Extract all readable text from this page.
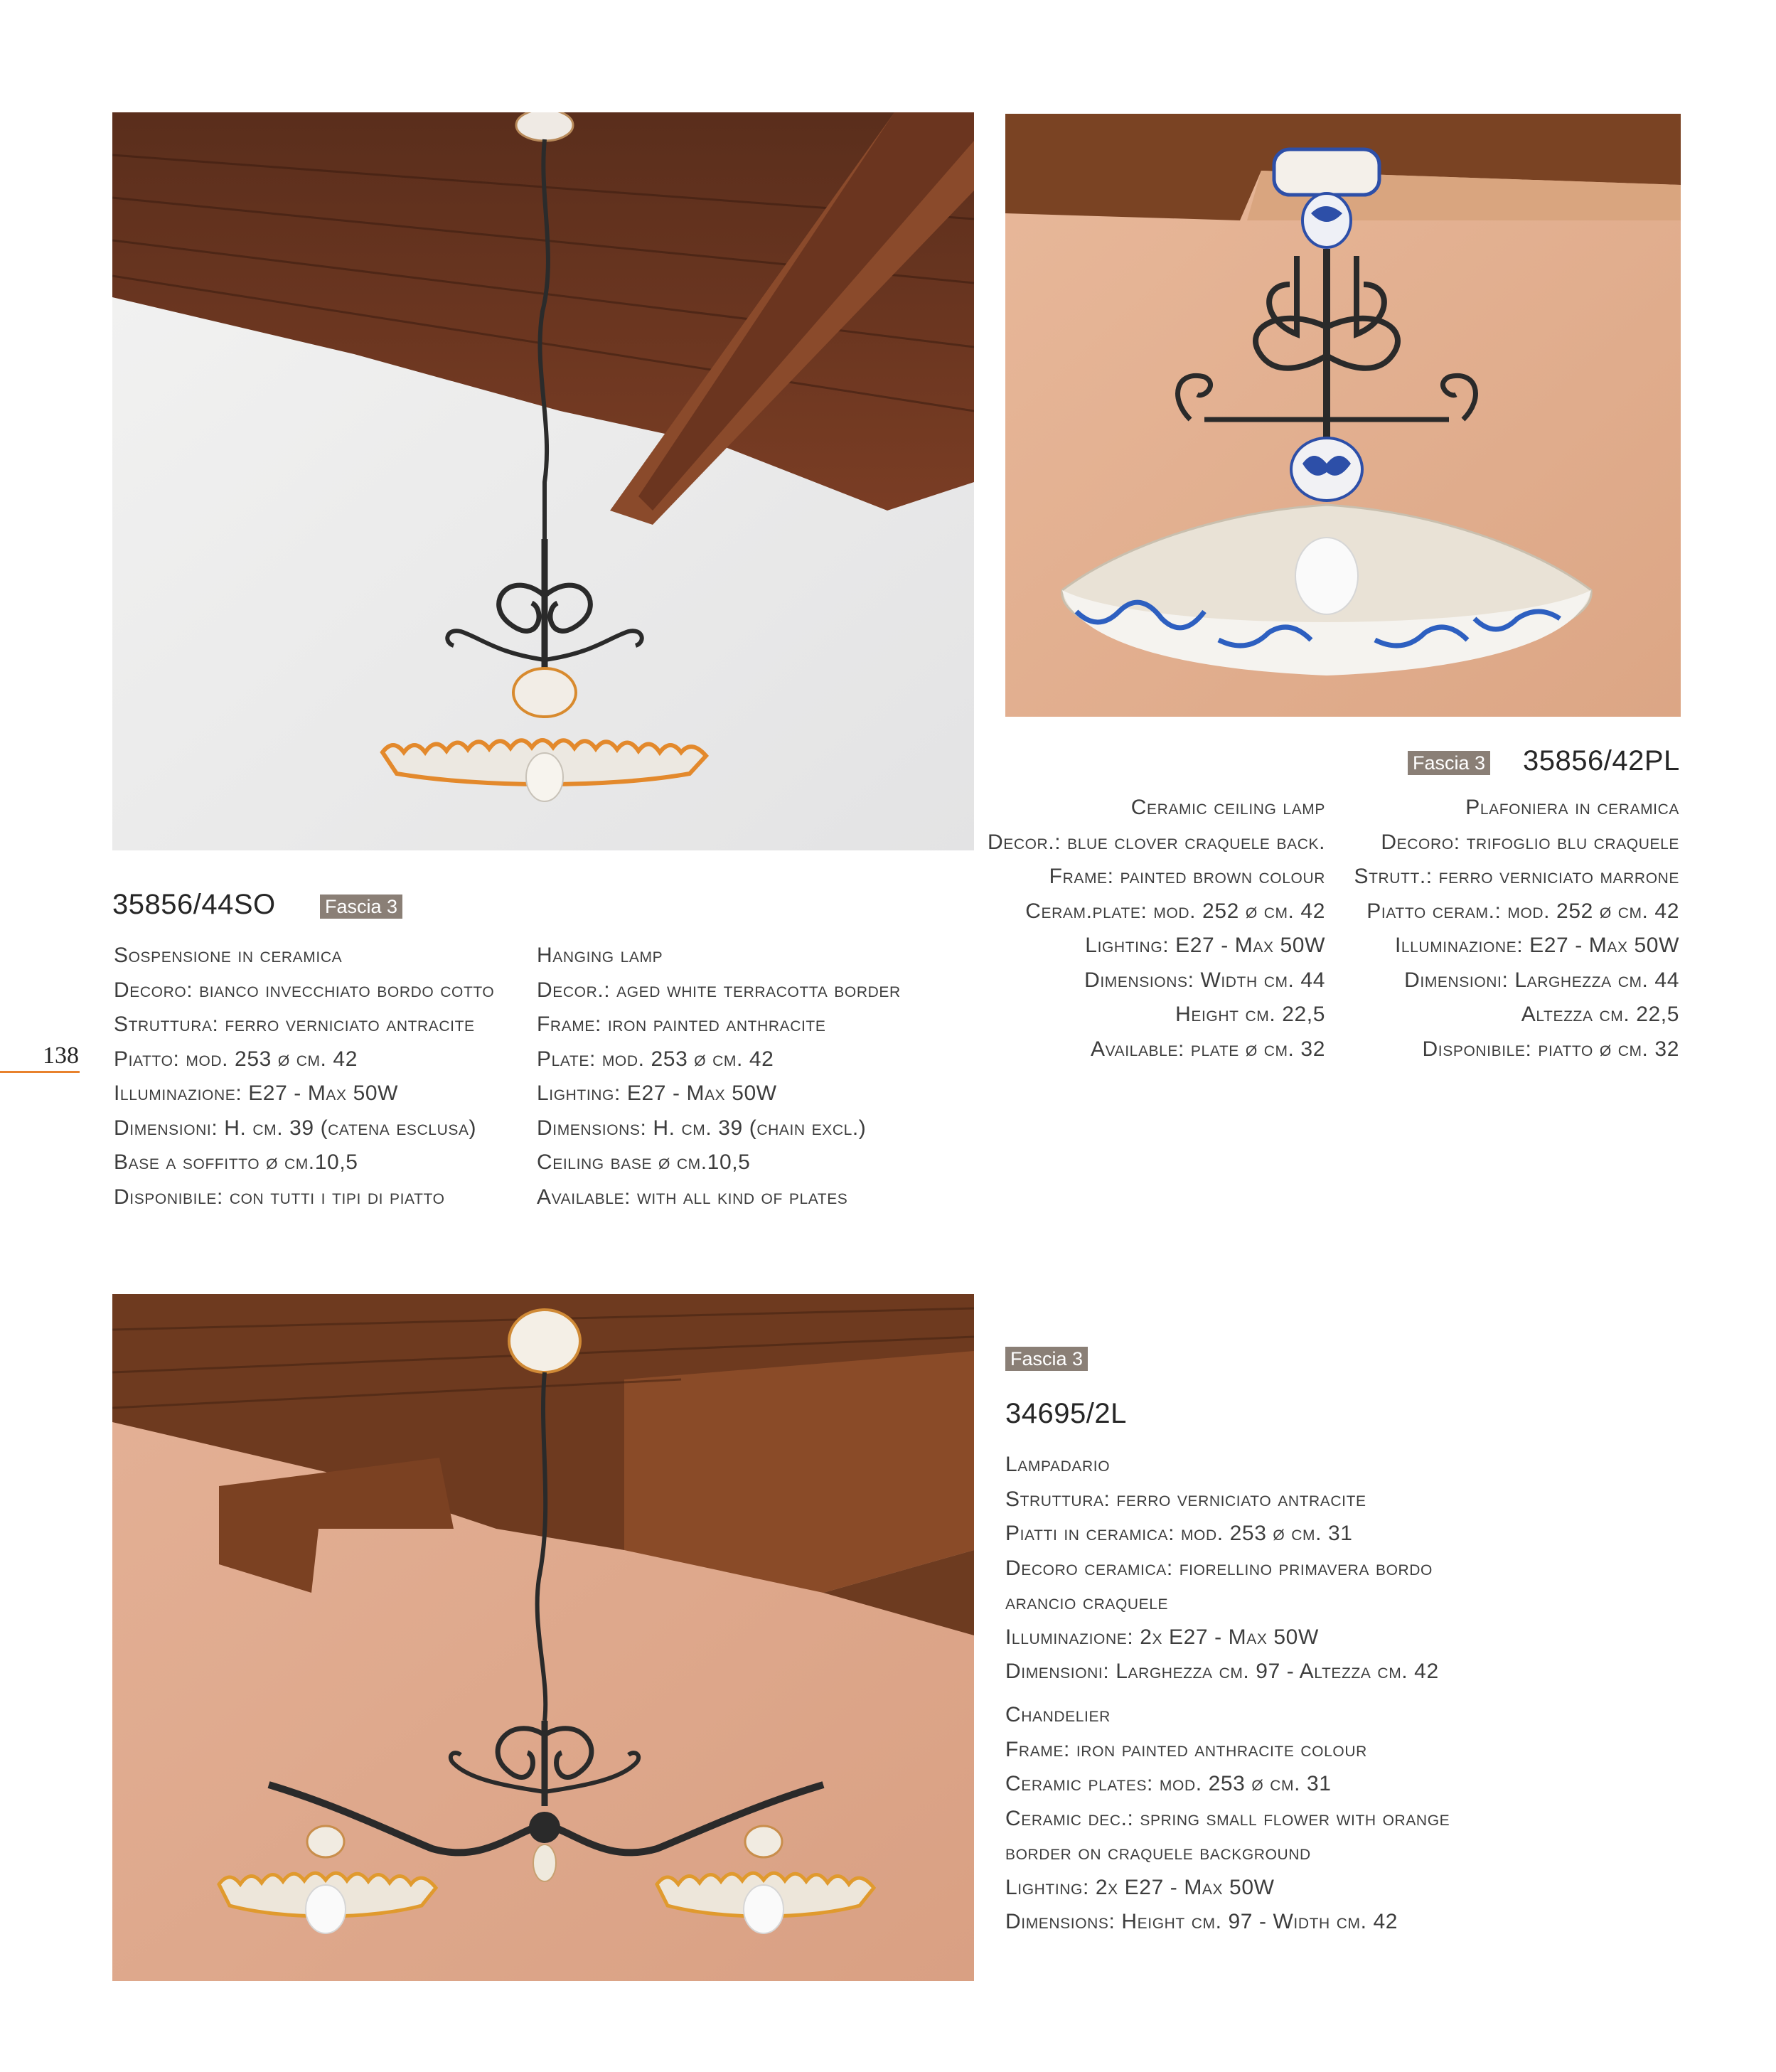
35856/44SO	Fascia 3
Sospensione in ceramica
Decoro: bianco invecchiato bordo cotto
Struttura: ferro verniciato antracite
Piatto: mod. 253 ø cm. 42
Illuminazione: E27 - Max 50W
Dimensioni: H. cm. 39 (catena esclusa)
Base a soffitto ø cm.10,5
Disponibile: con tutti i tipi di piatto
Hanging lamp
Decor.: aged white terracotta border
Frame: iron painted anthracite
Plate: mod. 253 ø cm. 42
Lighting: E27 - Max 50W
Dimensions: H. cm. 39 (chain excl.)
Ceiling base ø cm.10,5
Available: with all kind of plates
Fascia 3 35856/42PL
Ceramic ceiling lamp
Decor.: blue clover craquele back.
Frame: painted brown colour
Ceram.plate: mod. 252 ø cm. 42
Lighting: E27 - Max 50W
Dimensions: Width cm. 44
Height cm. 22,5
Available: plate ø cm. 32
Plafoniera in ceramica
Decoro: trifoglio blu craquele
Strutt.: ferro verniciato marrone
Piatto ceram.: mod. 252 ø cm. 42
Illuminazione: E27 - Max 50W
Dimensioni: Larghezza cm. 44
Altezza cm. 22,5
Disponibile: piatto ø cm. 32
Fascia 3
34695/2L
Lampadario
Struttura: ferro verniciato antracite
Piatti in ceramica: mod. 253 ø cm. 31
Decoro ceramica: fiorellino primavera bordo
arancio craquele
Illuminazione: 2x E27 - Max 50W
Dimensioni: Larghezza cm. 97 - Altezza cm. 42
Chandelier
Frame: iron painted anthracite colour
Ceramic plates: mod. 253 ø cm. 31
Ceramic dec.: spring small flower with orange
border on craquele background
Lighting: 2x E27 - Max 50W
Dimensions: Height cm. 97 - Width cm. 42
138
